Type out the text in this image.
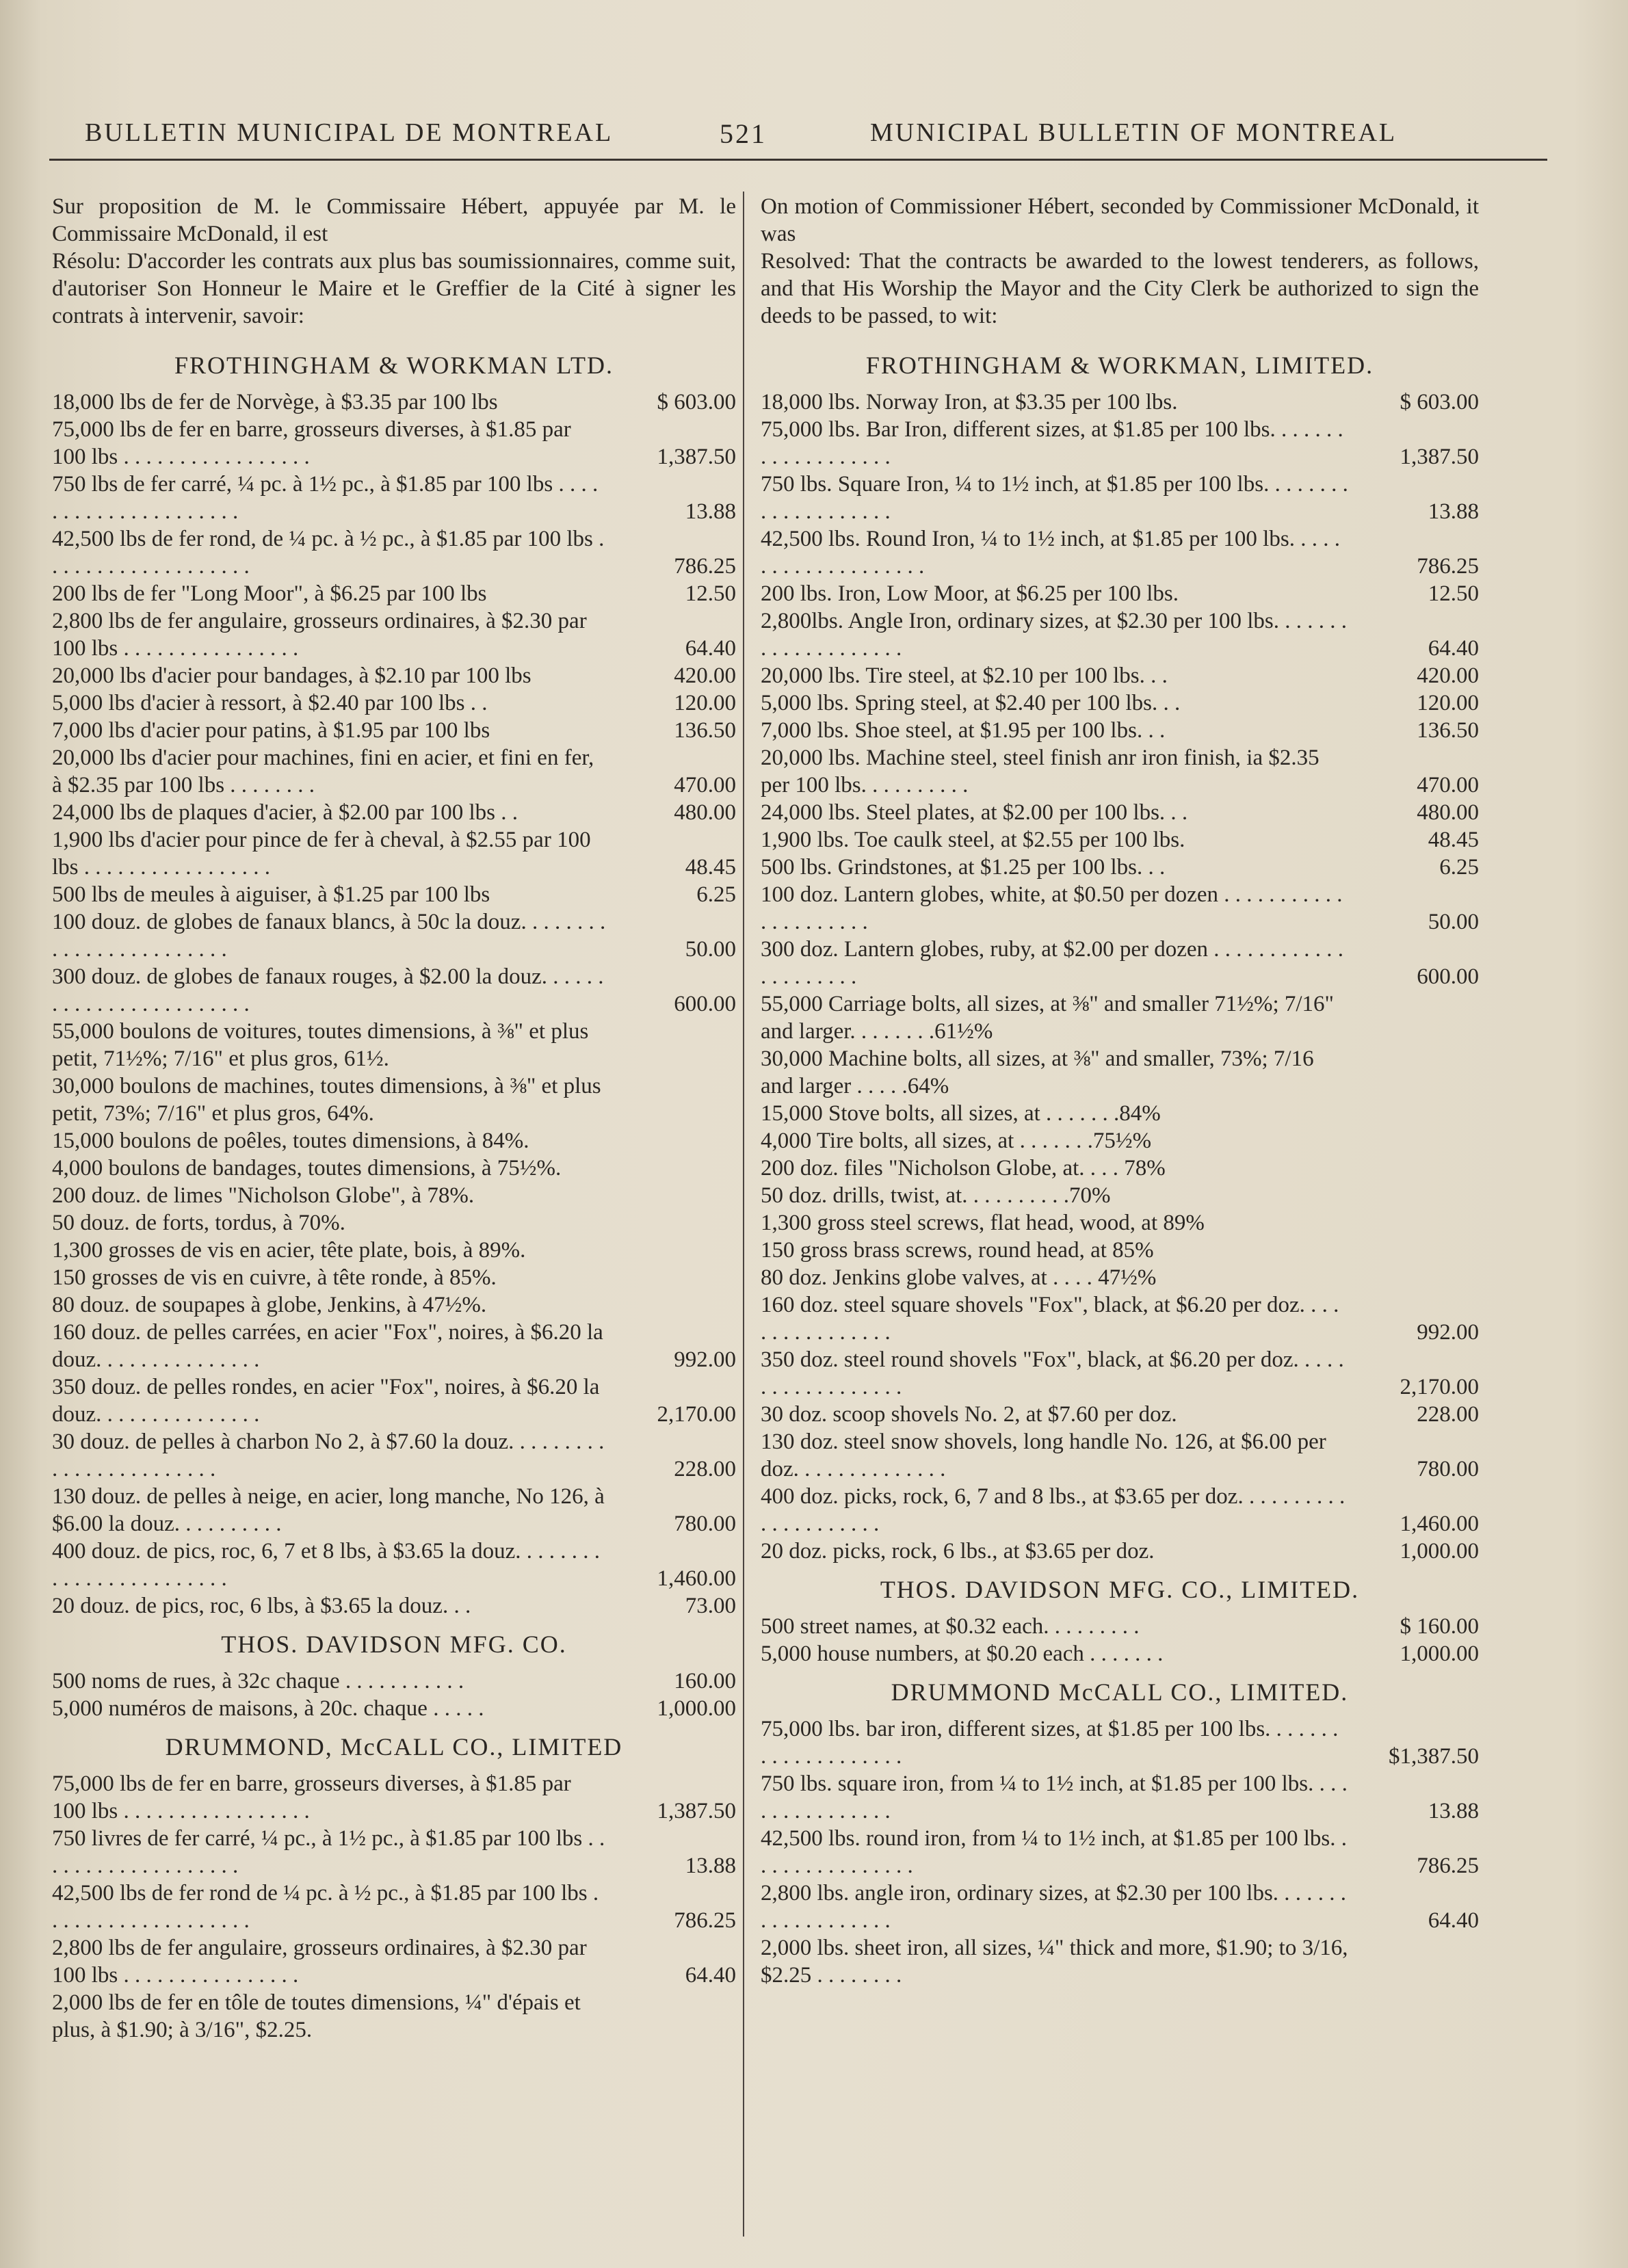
BULLETIN MUNICIPAL DE MONTREAL	521	MUNICIPAL BULLETIN OF MONTREAL
Sur proposition de M. le Commissaire Hébert, appuyée par M. le Commissaire McDonald, il est
Résolu: D'accorder les contrats aux plus bas soumissionnaires, comme suit, d'autoriser Son Honneur le Maire et le Greffier de la Cité à signer les contrats à intervenir, savoir:
FROTHINGHAM & WORKMAN LTD.
18,000 lbs de fer de Norvège, à $3.35 par 100 lbs	$ 603.00
75,000 lbs de fer en barre, grosseurs diverses, à $1.85 par 100 lbs . . . . . . . . . . . . . . . . .	1,387.50
750 lbs de fer carré, ¼ pc. à 1½ pc., à $1.85 par 100 lbs . . . . . . . . . . . . . . . . . . . . .	13.88
42,500 lbs de fer rond, de ¼ pc. à ½ pc., à $1.85 par 100 lbs . . . . . . . . . . . . . . . . . . .	786.25
200 lbs de fer "Long Moor", à $6.25 par 100 lbs	12.50
2,800 lbs de fer angulaire, grosseurs ordinaires, à $2.30 par 100 lbs . . . . . . . . . . . . . . . .	64.40
20,000 lbs d'acier pour bandages, à $2.10 par 100 lbs	420.00
5,000 lbs d'acier à ressort, à $2.40 par 100 lbs . .	120.00
7,000 lbs d'acier pour patins, à $1.95 par 100 lbs	136.50
20,000 lbs d'acier pour machines, fini en acier, et fini en fer, à $2.35 par 100 lbs . . . . . . . .	470.00
24,000 lbs de plaques d'acier, à $2.00 par 100 lbs . .	480.00
1,900 lbs d'acier pour pince de fer à cheval, à $2.55 par 100 lbs . . . . . . . . . . . . . . . . .	48.45
500 lbs de meules à aiguiser, à $1.25 par 100 lbs	6.25
100 douz. de globes de fanaux blancs, à 50c la douz. . . . . . . . . . . . . . . . . . . . . . . .	50.00
300 douz. de globes de fanaux rouges, à $2.00 la douz. . . . . . . . . . . . . . . . . . . . . . . .	600.00
55,000 boulons de voitures, toutes dimensions, à ⅜" et plus petit, 71½%; 7/16" et plus gros, 61½.
30,000 boulons de machines, toutes dimensions, à ⅜" et plus petit, 73%; 7/16" et plus gros, 64%.
15,000 boulons de poêles, toutes dimensions, à 84%.
4,000 boulons de bandages, toutes dimensions, à 75½%.
200 douz. de limes "Nicholson Globe", à 78%.
50 douz. de forts, tordus, à 70%.
1,300 grosses de vis en acier, tête plate, bois, à 89%.
150 grosses de vis en cuivre, à tête ronde, à 85%.
80 douz. de soupapes à globe, Jenkins, à 47½%.
160 douz. de pelles carrées, en acier "Fox", noires, à $6.20 la douz. . . . . . . . . . . . . . .	992.00
350 douz. de pelles rondes, en acier "Fox", noires, à $6.20 la douz. . . . . . . . . . . . . . .	2,170.00
30 douz. de pelles à charbon No 2, à $7.60 la douz. . . . . . . . . . . . . . . . . . . . . . . .	228.00
130 douz. de pelles à neige, en acier, long manche, No 126, à $6.00 la douz. . . . . . . . . .	780.00
400 douz. de pics, roc, 6, 7 et 8 lbs, à $3.65 la douz. . . . . . . . . . . . . . . . . . . . . . . .	1,460.00
20 douz. de pics, roc, 6 lbs, à $3.65 la douz. . .	73.00
THOS. DAVIDSON MFG. CO.
500 noms de rues, à 32c chaque . . . . . . . . . . .	160.00
5,000 numéros de maisons, à 20c. chaque . . . . .	1,000.00
DRUMMOND, McCALL CO., LIMITED
75,000 lbs de fer en barre, grosseurs diverses, à $1.85 par 100 lbs . . . . . . . . . . . . . . . . .	1,387.50
750 livres de fer carré, ¼ pc., à 1½ pc., à $1.85 par 100 lbs . . . . . . . . . . . . . . . . . . .	13.88
42,500 lbs de fer rond de ¼ pc. à ½ pc., à $1.85 par 100 lbs . . . . . . . . . . . . . . . . . . .	786.25
2,800 lbs de fer angulaire, grosseurs ordinaires, à $2.30 par 100 lbs . . . . . . . . . . . . . . . .	64.40
2,000 lbs de fer en tôle de toutes dimensions, ¼" d'épais et plus, à $1.90; à 3/16", $2.25.
On motion of Commissioner Hébert, seconded by Commissioner McDonald, it was
Resolved: That the contracts be awarded to the lowest tenderers, as follows, and that His Worship the Mayor and the City Clerk be authorized to sign the deeds to be passed, to wit:
FROTHINGHAM & WORKMAN, LIMITED.
18,000 lbs. Norway Iron, at $3.35 per 100 lbs.	$ 603.00
75,000 lbs. Bar Iron, different sizes, at $1.85 per 100 lbs. . . . . . . . . . . . . . . . . . .	1,387.50
750 lbs. Square Iron, ¼ to 1½ inch, at $1.85 per 100 lbs. . . . . . . . . . . . . . . . . . . .	13.88
42,500 lbs. Round Iron, ¼ to 1½ inch, at $1.85 per 100 lbs. . . . . . . . . . . . . . . . . . . .	786.25
200 lbs. Iron, Low Moor, at $6.25 per 100 lbs.	12.50
2,800lbs. Angle Iron, ordinary sizes, at $2.30 per 100 lbs. . . . . . . . . . . . . . . . . . . .	64.40
20,000 lbs. Tire steel, at $2.10 per 100 lbs. . .	420.00
5,000 lbs. Spring steel, at $2.40 per 100 lbs. . .	120.00
7,000 lbs. Shoe steel, at $1.95 per 100 lbs. . .	136.50
20,000 lbs. Machine steel, steel finish anr iron finish, ia $2.35 per 100 lbs. . . . . . . . . .	470.00
24,000 lbs. Steel plates, at $2.00 per 100 lbs. . .	480.00
1,900 lbs. Toe caulk steel, at $2.55 per 100 lbs.	48.45
500 lbs. Grindstones, at $1.25 per 100 lbs. . .	6.25
100 doz. Lantern globes, white, at $0.50 per dozen . . . . . . . . . . . . . . . . . . . . .	50.00
300 doz. Lantern globes, ruby, at $2.00 per dozen . . . . . . . . . . . . . . . . . . . . .	600.00
55,000 Carriage bolts, all sizes, at ⅜" and smaller 71½%; 7/16" and larger. . . . . . . .61½%
30,000 Machine bolts, all sizes, at ⅜" and smaller, 73%; 7/16 and larger . . . . .64%
15,000 Stove bolts, all sizes, at . . . . . . .84%
4,000 Tire bolts, all sizes, at . . . . . . .75½%
200 doz. files "Nicholson Globe, at. . . . 78%
50 doz. drills, twist, at. . . . . . . . . .70%
1,300 gross steel screws, flat head, wood, at 89%
150 gross brass screws, round head, at 85%
80 doz. Jenkins globe valves, at . . . . 47½%
160 doz. steel square shovels "Fox", black, at $6.20 per doz. . . . . . . . . . . . . . . .	992.00
350 doz. steel round shovels "Fox", black, at $6.20 per doz. . . . . . . . . . . . . . . . . .	2,170.00
30 doz. scoop shovels No. 2, at $7.60 per doz.	228.00
130 doz. steel snow shovels, long handle No. 126, at $6.00 per doz. . . . . . . . . . . . . .	780.00
400 doz. picks, rock, 6, 7 and 8 lbs., at $3.65 per doz. . . . . . . . . . . . . . . . . . . . .	1,460.00
20 doz. picks, rock, 6 lbs., at $3.65 per doz.	1,000.00
THOS. DAVIDSON MFG. CO., LIMITED.
500 street names, at $0.32 each. . . . . . . . .	$ 160.00
5,000 house numbers, at $0.20 each . . . . . . .	1,000.00
DRUMMOND McCALL CO., LIMITED.
75,000 lbs. bar iron, different sizes, at $1.85 per 100 lbs. . . . . . . . . . . . . . . . . . . .	$1,387.50
750 lbs. square iron, from ¼ to 1½ inch, at $1.85 per 100 lbs. . . . . . . . . . . . . . . .	13.88
42,500 lbs. round iron, from ¼ to 1½ inch, at $1.85 per 100 lbs. . . . . . . . . . . . . . . .	786.25
2,800 lbs. angle iron, ordinary sizes, at $2.30 per 100 lbs. . . . . . . . . . . . . . . . . . .	64.40
2,000 lbs. sheet iron, all sizes, ¼" thick and more, $1.90; to 3/16, $2.25 . . . . . . . .
